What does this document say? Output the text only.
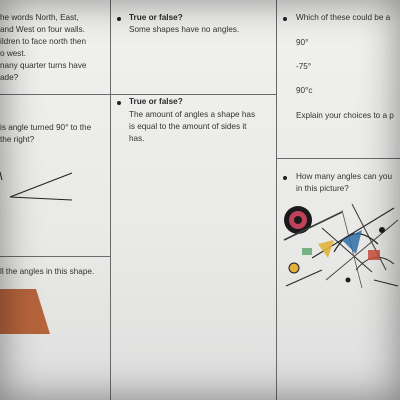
he words North, East,
and West on four walls.
ildren to face north then
o west.
nany quarter turns have
ade?

is angle turned 90° to the
the right?

ll the angles in this shape.

True or false?

Some shapes have no angles.

True or false?

The amount of angles a shape has
is equal to the amount of sides it
has.

Which of these could be a

90°

-75°

90°c

Explain your choices to a p

How many angles can you
in this picture?
